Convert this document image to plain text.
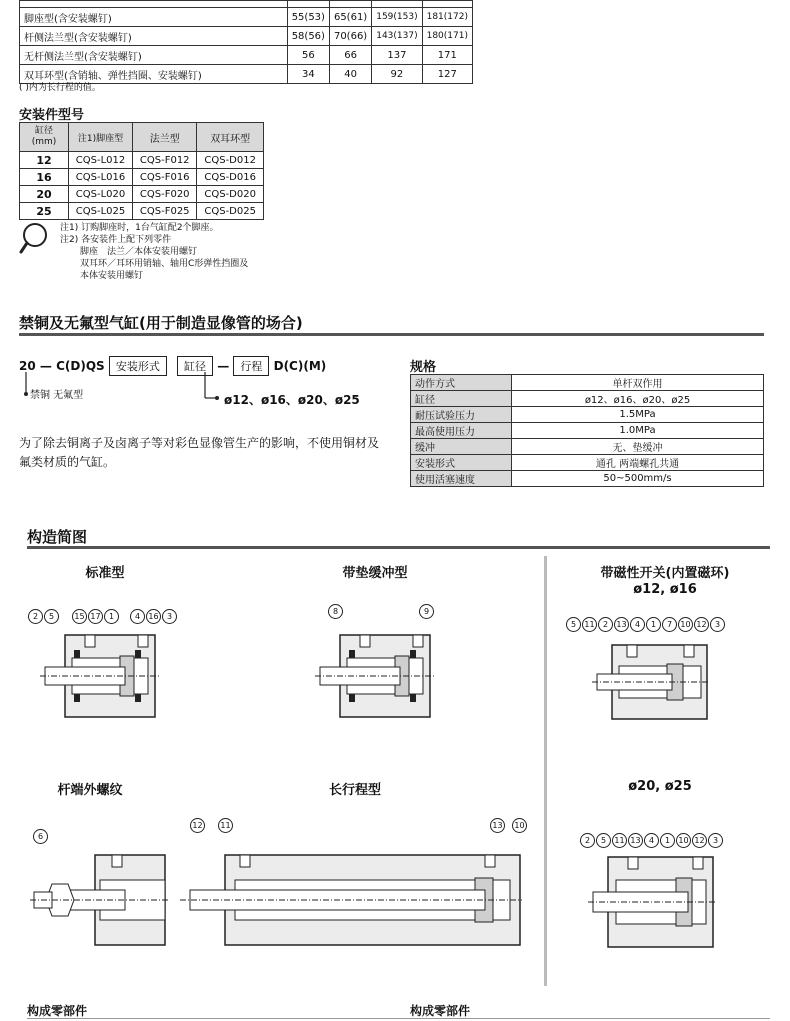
脚座型(含安装螺钉)	55(53)	65(61)	159(153)	181(172)
杆侧法兰型(含安装螺钉)	58(56)	70(66)	143(137)	180(171)
无杆侧法兰型(含安装螺钉)	56	66	137	171
双耳环型(含销轴、弹性挡圈、安装螺钉)	34	40	92	127
( )内为长行程的值。
安装件型号
缸径
(mm)	注1)脚座型	法兰型	双耳环型
12	CQS-L012	CQS-F012	CQS-D012
16	CQS-L016	CQS-F016	CQS-D016
20	CQS-L020	CQS-F020	CQS-D020
25	CQS-L025	CQS-F025	CQS-D025
注1) 订购脚座时，1台气缸配2个脚座。
注2) 各安装件上配下列零件
脚座　法兰／本体安装用螺钉
双耳环／耳环用销轴、轴用C形弹性挡圈及
本体安装用螺钉
禁铜及无氟型气缸(用于制造显像管的场合)
20 — C(D)QS 安装形式 缸径 — 行程 D(C)(M)
禁铜 无氟型	ø12、ø16、ø20、ø25
为了除去铜离子及卤离子等对彩色显像管生产的影响，不使用铜材及氟类材质的气缸。
规格
动作方式	单杆双作用
缸径	ø12、ø16、ø20、ø25
耐压试验压力	1.5MPa
最高使用压力	1.0MPa
缓冲	无、垫缓冲
安装形式	通孔 两端螺孔共通
使用活塞速度	50~500mm/s
构造简图
标准型	带垫缓冲型	带磁性开关(内置磁环)
ø12, ø16
杆端外螺纹	长行程型	ø20, ø25
2 5	15 17 1	4 16 3
8	9
5 11 2 13 4 1 7 10 12 3
6
12 11	13 10
2 5 11 13 4 1 10 12 3
构成零部件	构成零部件
